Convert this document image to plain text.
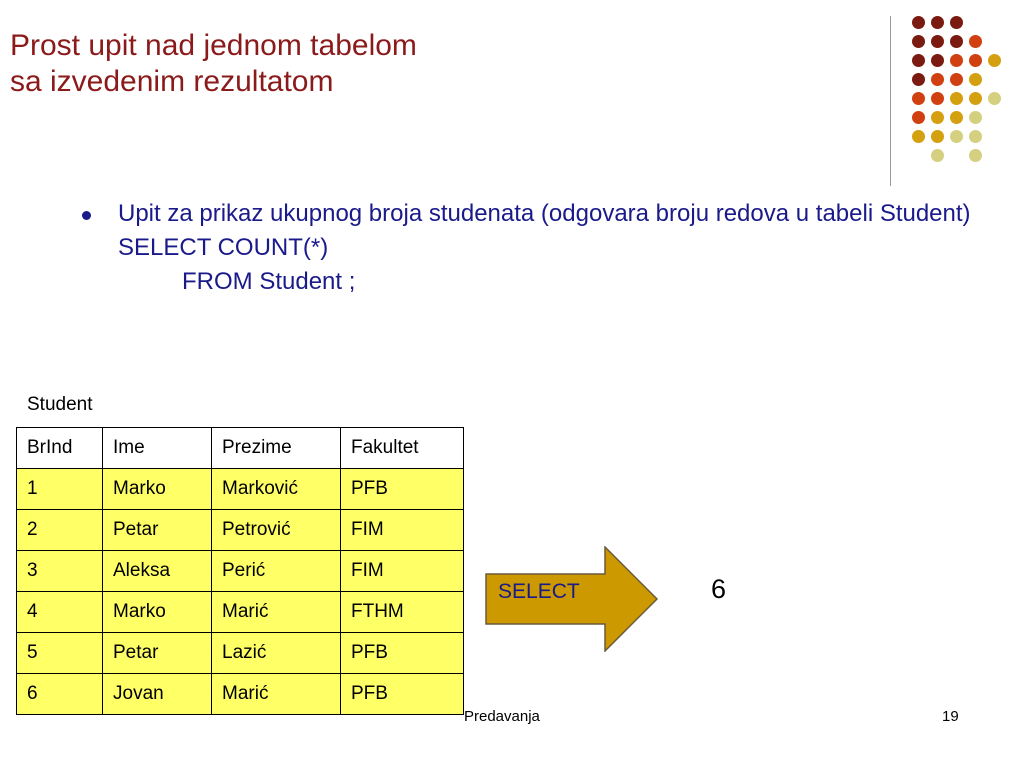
Prost upit nad jednom tabelom sa izvedenim rezultatom
Upit za prikaz ukupnog broja studenata (odgovara broju redova u tabeli Student)
SELECT COUNT(*)
FROM Student ;
Student
BrInd	Ime	Prezime	Fakultet
1	Marko	Marković	PFB
2	Petar	Petrović	FIM
3	Aleksa	Perić	FIM
4	Marko	Marić	FTHM
5	Petar	Lazić	PFB
6	Jovan	Marić	PFB
SELECT	6
Predavanja	19
